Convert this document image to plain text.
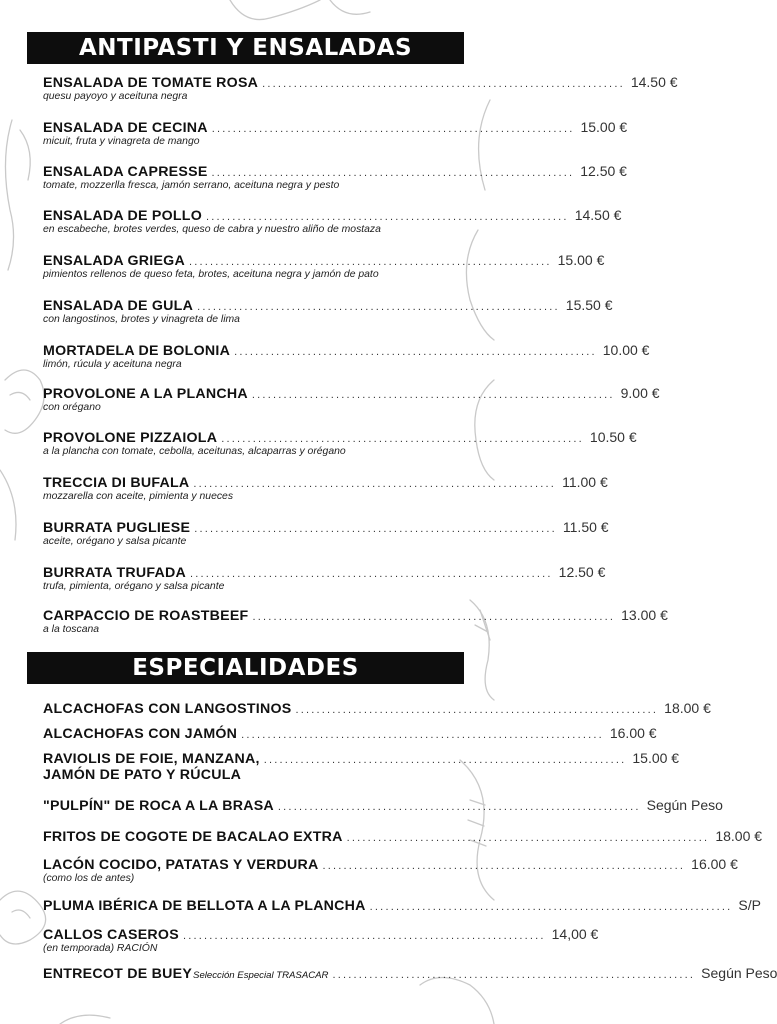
ANTIPASTI Y ENSALADAS
ENSALADA DE TOMATE ROSA ..................................................................... 14.50 €
quesu payoyo y aceituna negra
ENSALADA DE CECINA ..................................................................... 15.00 €
micuit, fruta y vinagreta de mango
ENSALADA CAPRESSE ..................................................................... 12.50 €
tomate, mozzerlla fresca, jamón serrano, aceituna negra y pesto
ENSALADA DE POLLO ..................................................................... 14.50 €
en escabeche, brotes verdes, queso de cabra y nuestro aliño de mostaza
ENSALADA GRIEGA ..................................................................... 15.00 €
pimientos rellenos de queso feta, brotes, aceituna negra y jamón de pato
ENSALADA DE GULA ..................................................................... 15.50 €
con langostinos, brotes y vinagreta de lima
MORTADELA DE BOLONIA ..................................................................... 10.00 €
limón, rúcula y aceituna negra
PROVOLONE A LA PLANCHA ..................................................................... 9.00 €
con orégano
PROVOLONE PIZZAIOLA ..................................................................... 10.50 €
a la plancha con tomate, cebolla, aceitunas, alcaparras y orégano
TRECCIA DI BUFALA ..................................................................... 11.00 €
mozzarella con aceite, pimienta y nueces
BURRATA PUGLIESE ..................................................................... 11.50 €
aceite, orégano y salsa picante
BURRATA TRUFADA ..................................................................... 12.50 €
trufa, pimienta, orégano y salsa picante
CARPACCIO DE ROASTBEEF ..................................................................... 13.00 €
a la toscana
ESPECIALIDADES
ALCACHOFAS CON LANGOSTINOS ..................................................................... 18.00 €
ALCACHOFAS CON JAMÓN ..................................................................... 16.00 €
RAVIOLIS DE FOIE, MANZANA, ..................................................................... 15.00 €
JAMÓN DE PATO Y RÚCULA
"PULPÍN" DE ROCA A LA BRASA ..................................................................... Según Peso
FRITOS DE COGOTE DE BACALAO EXTRA ..................................................................... 18.00 €
LACÓN COCIDO, PATATAS Y VERDURA ..................................................................... 16.00 €
(como los de antes)
PLUMA IBÉRICA DE BELLOTA A LA PLANCHA ..................................................................... S/P
CALLOS CASEROS ..................................................................... 14,00 €
(en temporada) RACIÓN
ENTRECOT DE BUEY Selección Especial TRASACAR ..................................................................... Según Peso
